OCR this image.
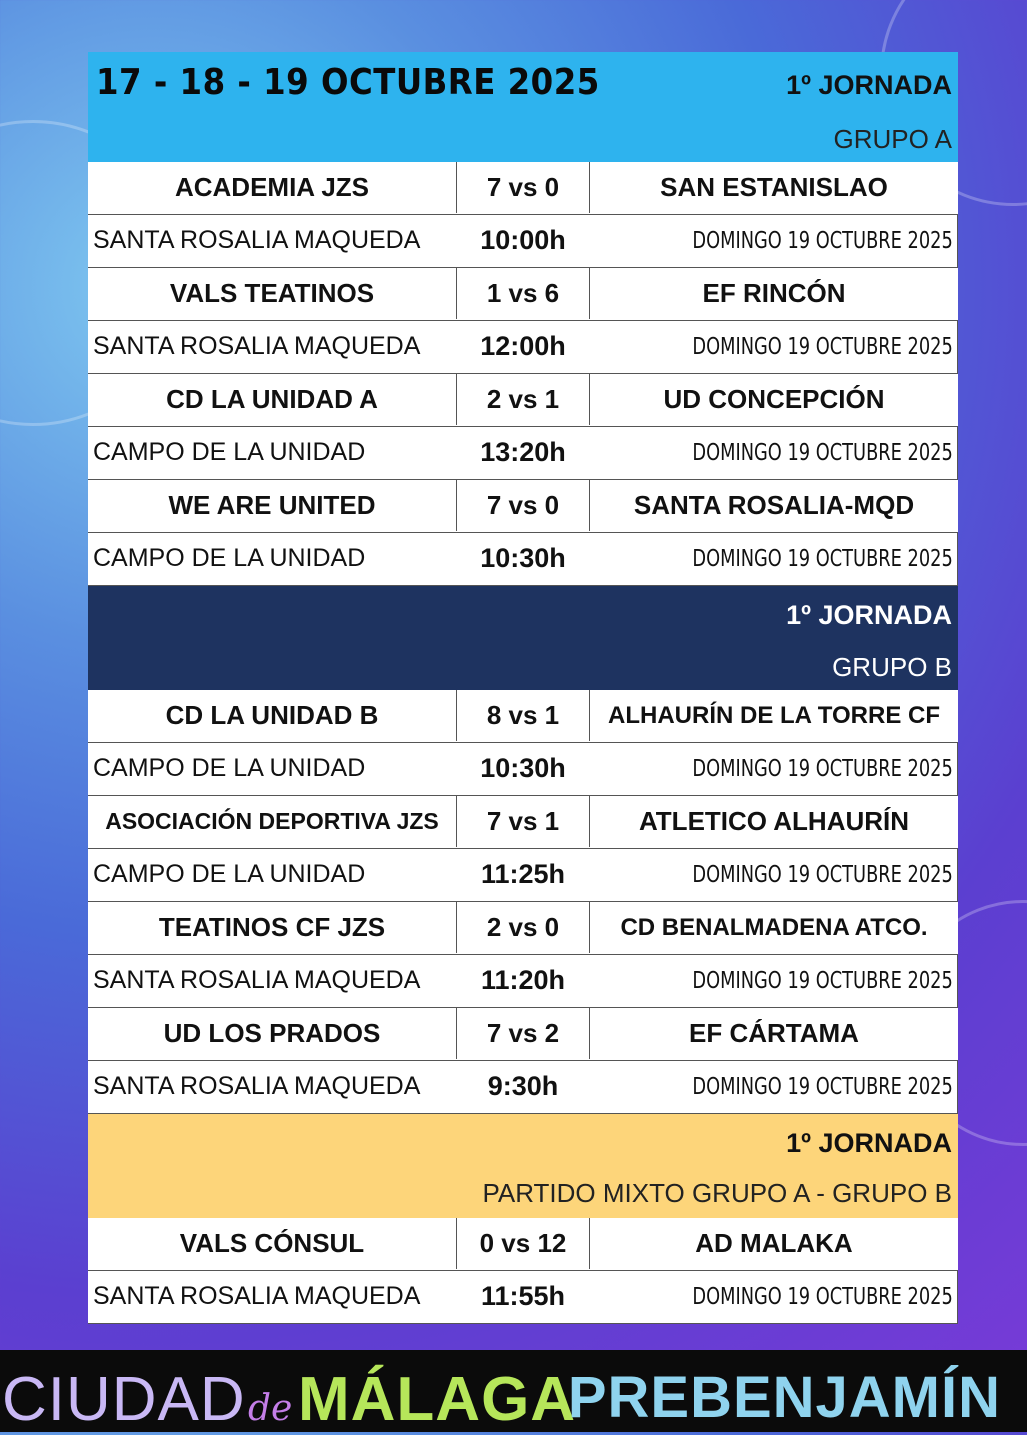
17 - 18 - 19 OCTUBRE 2025	1º JORNADA
GRUPO A
ACADEMIA JZS	7 vs 0	SAN ESTANISLAO
SANTA ROSALIA MAQUEDA	10:00h	DOMINGO 19 OCTUBRE 2025
VALS TEATINOS	1 vs 6	EF RINCÓN
SANTA ROSALIA MAQUEDA	12:00h	DOMINGO 19 OCTUBRE 2025
CD LA UNIDAD A	2 vs 1	UD CONCEPCIÓN
CAMPO DE LA UNIDAD	13:20h	DOMINGO 19 OCTUBRE 2025
WE ARE UNITED	7 vs 0	SANTA ROSALIA-MQD
CAMPO DE LA UNIDAD	10:30h	DOMINGO 19 OCTUBRE 2025
1º JORNADA
GRUPO B
CD LA UNIDAD B	8 vs 1	ALHAURÍN DE LA TORRE CF
CAMPO DE LA UNIDAD	10:30h	DOMINGO 19 OCTUBRE 2025
ASOCIACIÓN DEPORTIVA JZS	7 vs 1	ATLETICO ALHAURÍN
CAMPO DE LA UNIDAD	11:25h	DOMINGO 19 OCTUBRE 2025
TEATINOS CF JZS	2 vs 0	CD BENALMADENA ATCO.
SANTA ROSALIA MAQUEDA	11:20h	DOMINGO 19 OCTUBRE 2025
UD LOS PRADOS	7 vs 2	EF CÁRTAMA
SANTA ROSALIA MAQUEDA	9:30h	DOMINGO 19 OCTUBRE 2025
1º JORNADA
PARTIDO MIXTO GRUPO A - GRUPO B
VALS CÓNSUL	0 vs 12	AD MALAKA
SANTA ROSALIA MAQUEDA	11:55h	DOMINGO 19 OCTUBRE 2025
CIUDAD de MÁLAGA
PREBENJAMÍN
